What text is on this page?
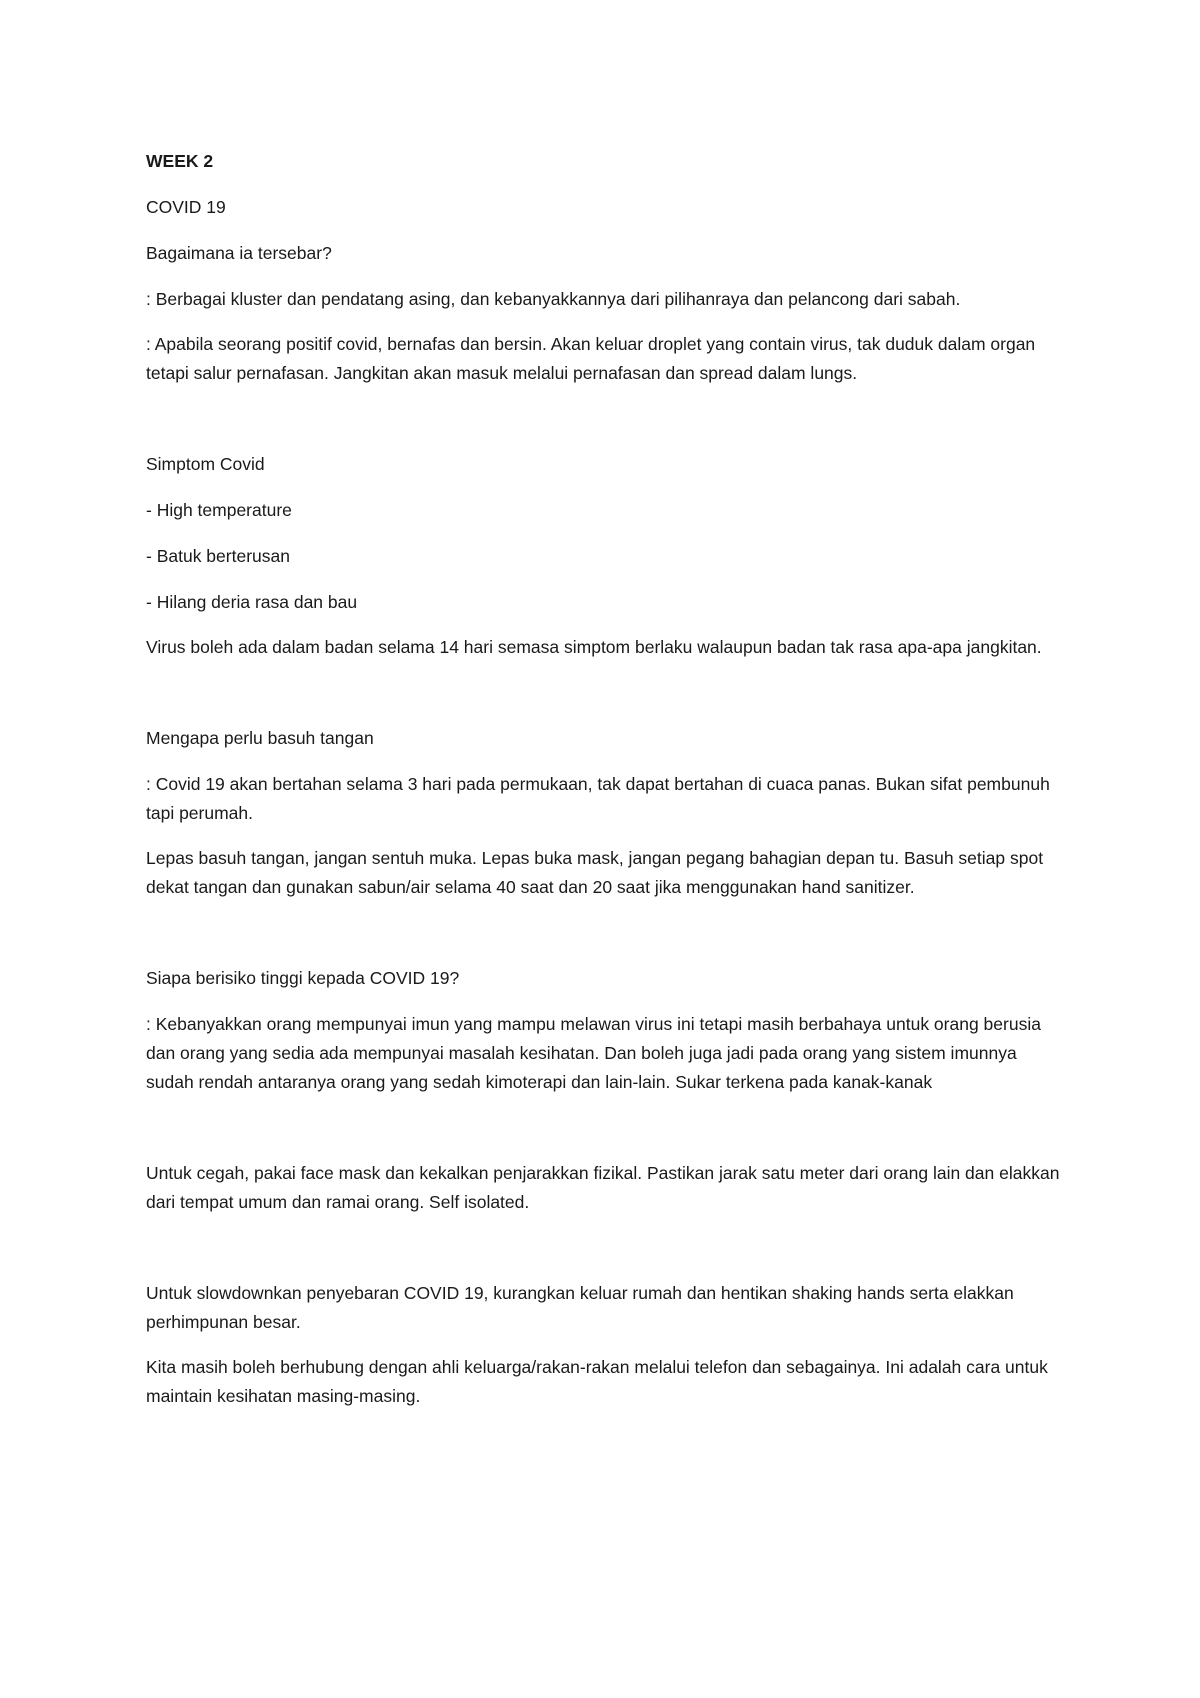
WEEK 2

COVID 19

Bagaimana ia tersebar?

: Berbagai kluster dan pendatang asing, dan kebanyakkannya dari pilihanraya dan pelancong dari sabah.

: Apabila seorang positif covid, bernafas dan bersin. Akan keluar droplet yang contain virus, tak duduk dalam organ tetapi salur pernafasan. Jangkitan akan masuk melalui pernafasan dan spread dalam lungs.

Simptom Covid

- High temperature

- Batuk berterusan

- Hilang deria rasa dan bau

Virus boleh ada dalam badan selama 14 hari semasa simptom berlaku walaupun badan tak rasa apa-apa jangkitan.

Mengapa perlu basuh tangan

: Covid 19 akan bertahan selama 3 hari pada permukaan, tak dapat bertahan di cuaca panas. Bukan sifat pembunuh tapi perumah.

Lepas basuh tangan, jangan sentuh muka. Lepas buka mask, jangan pegang bahagian depan tu. Basuh setiap spot dekat tangan dan gunakan sabun/air selama 40 saat dan 20 saat jika menggunakan hand sanitizer.

Siapa berisiko tinggi kepada COVID 19?

: Kebanyakkan orang mempunyai imun yang mampu melawan virus ini tetapi masih berbahaya untuk orang berusia dan orang yang sedia ada mempunyai masalah kesihatan. Dan boleh juga jadi pada orang yang sistem imunnya sudah rendah antaranya orang yang sedah kimoterapi dan lain-lain. Sukar terkena pada kanak-kanak

Untuk cegah, pakai face mask dan kekalkan penjarakkan fizikal. Pastikan jarak satu meter dari orang lain dan elakkan dari tempat umum dan ramai orang. Self isolated.

Untuk slowdownkan penyebaran COVID 19, kurangkan keluar rumah dan hentikan shaking hands serta elakkan perhimpunan besar.

Kita masih boleh berhubung dengan ahli keluarga/rakan-rakan melalui telefon dan sebagainya. Ini adalah cara untuk maintain kesihatan masing-masing.
